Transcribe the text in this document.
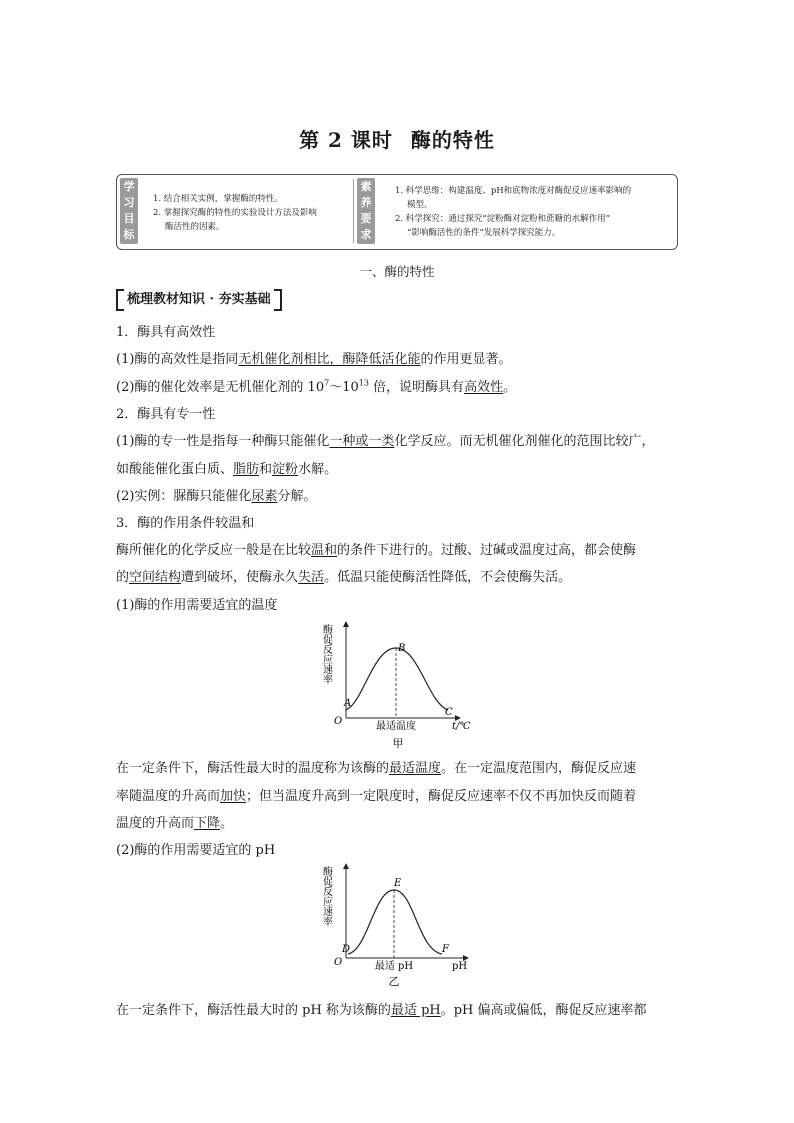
第 2 课时 酶的特性
学
习
目
标
1. 结合相关实例，掌握酶的特性。
2. 掌握探究酶的特性的实验设计方法及影响
酶活性的因素。
素
养
要
求
1. 科学思维：构建温度、pH和底物浓度对酶促反应速率影响的
模型。
2. 科学探究：通过探究“淀粉酶对淀粉和蔗糖的水解作用”
“影响酶活性的条件”发展科学探究能力。
一、酶的特性
梳理教材知识 · 夯实基础
1．酶具有高效性
(1)酶的高效性是指同无机催化剂相比，酶降低活化能的作用更显著。
(2)酶的催化效率是无机催化剂的 $10^7\sim 10^{13}$ 倍，说明酶具有高效性。
2．酶具有专一性
(1)酶的专一性是指每一种酶只能催化一种或一类化学反应。而无机催化剂催化的范围比较广，
如酸能催化蛋白质、脂肪和淀粉水解。
(2)实例：脲酶只能催化尿素分解。
3．酶的作用条件较温和
酶所催化的化学反应一般是在比较温和的条件下进行的。过酸、过碱或温度过高，都会使酶
的空间结构遭到破坏，使酶永久失活。低温只能使酶活性降低，不会使酶失活。
(1)酶的作用需要适宜的温度
酶促反应速率
O
A
B
C
最适温度	t/℃
甲
在一定条件下，酶活性最大时的温度称为该酶的最适温度。在一定温度范围内，酶促反应速
率随温度的升高而加快；但当温度升高到一定限度时，酶促反应速率不仅不再加快反而随着
温度的升高而下降。
(2)酶的作用需要适宜的 pH
酶促反应速率
O
D
E
F
最适 pH	pH
乙
在一定条件下，酶活性最大时的 pH 称为该酶的最适 pH。pH 偏高或偏低，酶促反应速率都
